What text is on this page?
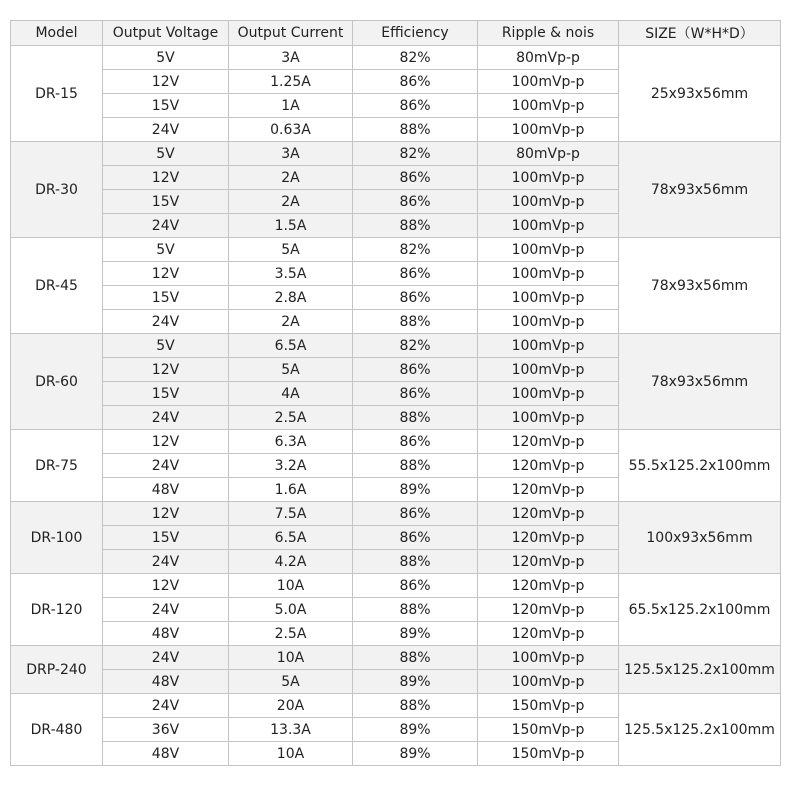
Model	Output Voltage	Output Current	Efficiency	Ripple & nois	SIZE（W*H*D）
DR-15	5V	3A	82%	80mVp-p	25x93x56mm
	12V	1.25A	86%	100mVp-p	
	15V	1A	86%	100mVp-p	
	24V	0.63A	88%	100mVp-p	
DR-30	5V	3A	82%	80mVp-p	78x93x56mm
	12V	2A	86%	100mVp-p	
	15V	2A	86%	100mVp-p	
	24V	1.5A	88%	100mVp-p	
DR-45	5V	5A	82%	100mVp-p	78x93x56mm
	12V	3.5A	86%	100mVp-p	
	15V	2.8A	86%	100mVp-p	
	24V	2A	88%	100mVp-p	
DR-60	5V	6.5A	82%	100mVp-p	78x93x56mm
	12V	5A	86%	100mVp-p	
	15V	4A	86%	100mVp-p	
	24V	2.5A	88%	100mVp-p	
DR-75	12V	6.3A	86%	120mVp-p	55.5x125.2x100mm
	24V	3.2A	88%	120mVp-p	
	48V	1.6A	89%	120mVp-p	
DR-100	12V	7.5A	86%	120mVp-p	100x93x56mm
	15V	6.5A	86%	120mVp-p	
	24V	4.2A	88%	120mVp-p	
DR-120	12V	10A	86%	120mVp-p	65.5x125.2x100mm
	24V	5.0A	88%	120mVp-p	
	48V	2.5A	89%	120mVp-p	
DRP-240	24V	10A	88%	100mVp-p	125.5x125.2x100mm
	48V	5A	89%	100mVp-p	
DR-480	24V	20A	88%	150mVp-p	125.5x125.2x100mm
	36V	13.3A	89%	150mVp-p	
	48V	10A	89%	150mVp-p	
